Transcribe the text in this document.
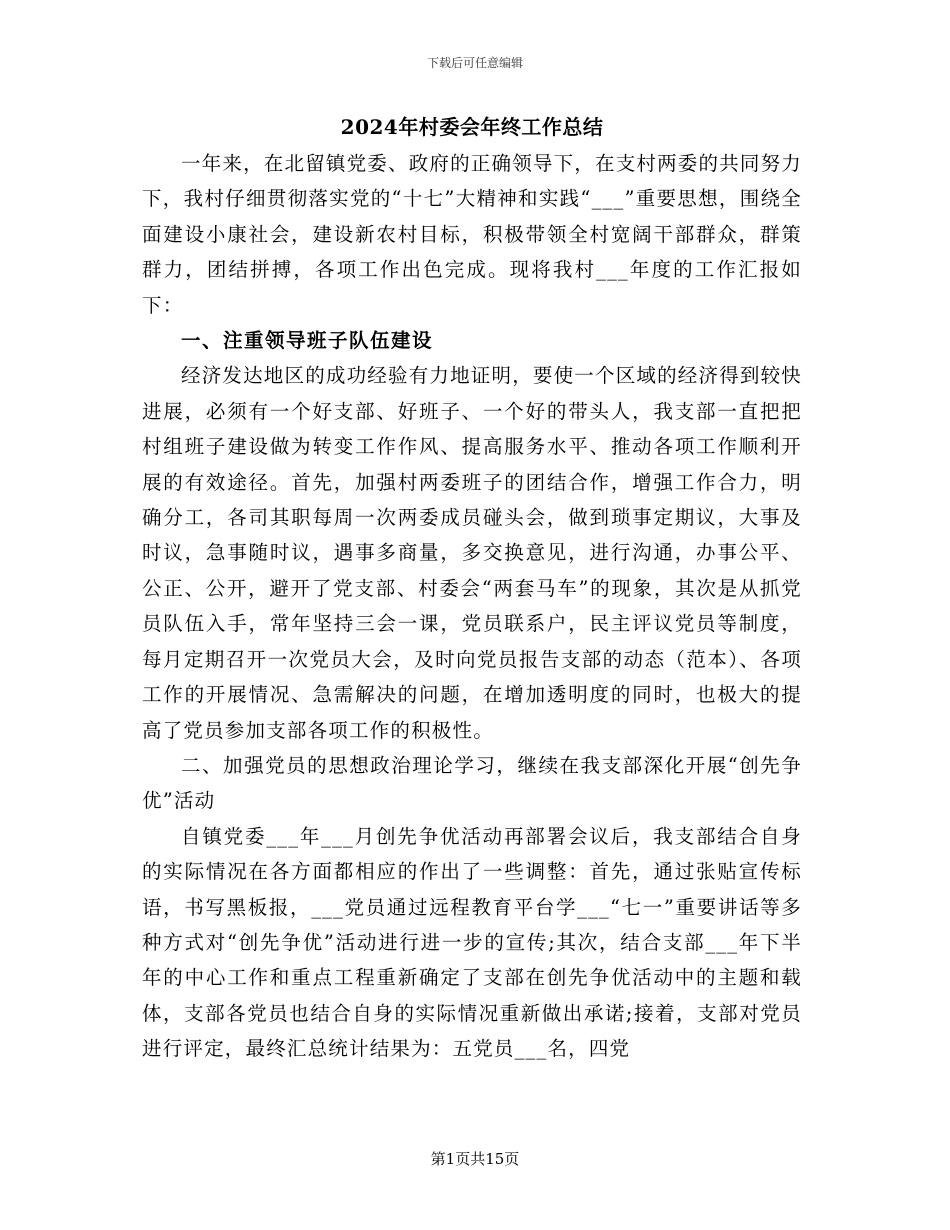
下载后可任意编辑
2024年村委会年终工作总结

一年来，在北留镇党委、政府的正确领导下，在支村两委的共同努力下，我村仔细贯彻落实党的“十七”大精神和实践“___”重要思想，围绕全面建设小康社会，建设新农村目标，积极带领全村宽阔干部群众，群策群力，团结拼搏，各项工作出色完成。现将我村___年度的工作汇报如下：

一、注重领导班子队伍建设

经济发达地区的成功经验有力地证明，要使一个区域的经济得到较快进展，必须有一个好支部、好班子、一个好的带头人，我支部一直把把村组班子建设做为转变工作作风、提高服务水平、推动各项工作顺利开展的有效途径。首先，加强村两委班子的团结合作，增强工作合力，明确分工，各司其职每周一次两委成员碰头会，做到琐事定期议，大事及时议，急事随时议，遇事多商量，多交换意见，进行沟通，办事公平、公正、公开，避开了党支部、村委会“两套马车”的现象，其次是从抓党员队伍入手，常年坚持三会一课，党员联系户，民主评议党员等制度，每月定期召开一次党员大会，及时向党员报告支部的动态（范本）、各项工作的开展情况、急需解决的问题，在增加透明度的同时，也极大的提高了党员参加支部各项工作的积极性。

二、加强党员的思想政治理论学习，继续在我支部深化开展“创先争优”活动

自镇党委___年___月创先争优活动再部署会议后，我支部结合自身的实际情况在各方面都相应的作出了一些调整：首先，通过张贴宣传标语，书写黑板报，___党员通过远程教育平台学___“七一”重要讲话等多种方式对“创先争优”活动进行进一步的宣传;其次，结合支部___年下半年的中心工作和重点工程重新确定了支部在创先争优活动中的主题和载体，支部各党员也结合自身的实际情况重新做出承诺;接着，支部对党员进行评定，最终汇总统计结果为：五党员___名，四党

第1页共15页
